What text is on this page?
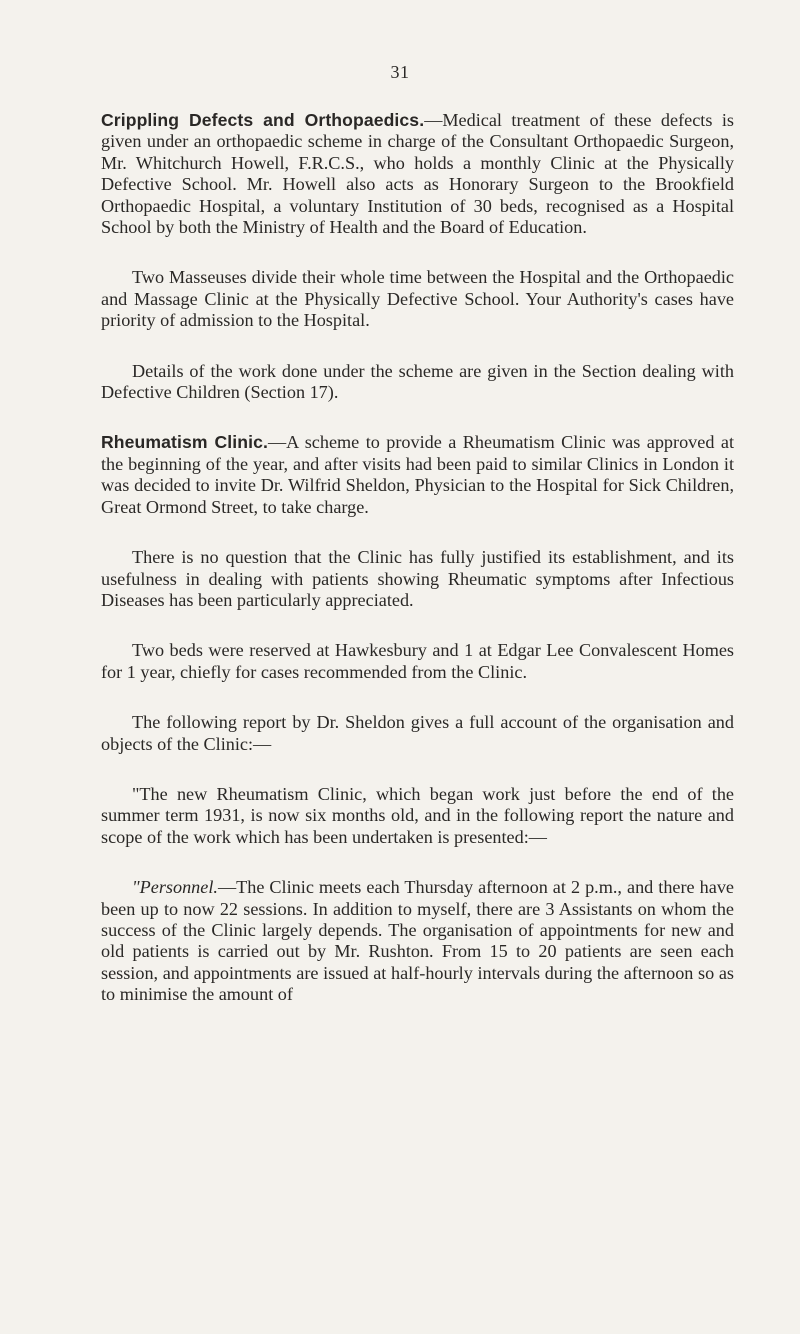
31

Crippling Defects and Orthopaedics.—Medical treatment of these defects is given under an orthopaedic scheme in charge of the Consultant Orthopaedic Surgeon, Mr. Whitchurch Howell, F.R.C.S., who holds a monthly Clinic at the Physically Defective School. Mr. Howell also acts as Honorary Surgeon to the Brookfield Orthopaedic Hospital, a voluntary Institution of 30 beds, recognised as a Hospital School by both the Ministry of Health and the Board of Education.

Two Masseuses divide their whole time between the Hospital and the Orthopaedic and Massage Clinic at the Physically Defective School. Your Authority's cases have priority of admission to the Hospital.

Details of the work done under the scheme are given in the Section dealing with Defective Children (Section 17).

Rheumatism Clinic.—A scheme to provide a Rheumatism Clinic was approved at the beginning of the year, and after visits had been paid to similar Clinics in London it was decided to invite Dr. Wilfrid Sheldon, Physician to the Hospital for Sick Children, Great Ormond Street, to take charge.

There is no question that the Clinic has fully justified its establishment, and its usefulness in dealing with patients showing Rheumatic symptoms after Infectious Diseases has been particularly appreciated.

Two beds were reserved at Hawkesbury and 1 at Edgar Lee Convalescent Homes for 1 year, chiefly for cases recommended from the Clinic.

The following report by Dr. Sheldon gives a full account of the organisation and objects of the Clinic:—

"The new Rheumatism Clinic, which began work just before the end of the summer term 1931, is now six months old, and in the following report the nature and scope of the work which has been undertaken is presented:—

"Personnel.—The Clinic meets each Thursday afternoon at 2 p.m., and there have been up to now 22 sessions. In addition to myself, there are 3 Assistants on whom the success of the Clinic largely depends. The organisation of appointments for new and old patients is carried out by Mr. Rushton. From 15 to 20 patients are seen each session, and appointments are issued at half-hourly intervals during the afternoon so as to minimise the amount of
